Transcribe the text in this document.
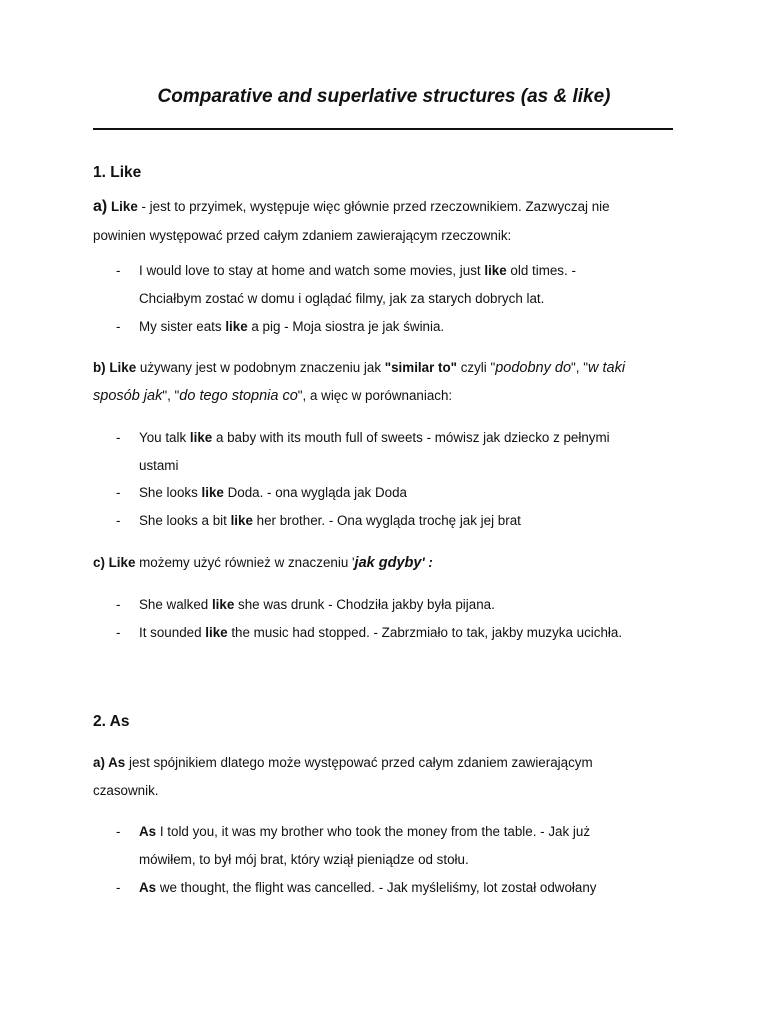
Comparative and superlative structures (as & like)
1. Like

a) Like - jest to przyimek, występuje więc głównie przed rzeczownikiem. Zazwyczaj nie

powinien występować przed całym zdaniem zawierającym rzeczownik:

- I would love to stay at home and watch some movies, just like old times. -

Chciałbym zostać w domu i oglądać filmy, jak za starych dobrych lat.

- My sister eats like a pig - Moja siostra je jak świnia.

b) Like używany jest w podobnym znaczeniu jak "similar to" czyli "podobny do", "w taki

sposób jak", "do tego stopnia co", a więc w porównaniach:

- You talk like a baby with its mouth full of sweets - mówisz jak dziecko z pełnymi

ustami

- She looks like Doda. - ona wygląda jak Doda

- She looks a bit like her brother. - Ona wygląda trochę jak jej brat

c) Like możemy użyć również w znaczeniu 'jak gdyby' :

- She walked like she was drunk - Chodziła jakby była pijana.

- It sounded like the music had stopped. - Zabrzmiało to tak, jakby muzyka ucichła.

2. As

a) As jest spójnikiem dlatego może występować przed całym zdaniem zawierającym

czasownik.

- As I told you, it was my brother who took the money from the table. - Jak już

mówiłem, to był mój brat, który wziął pieniądze od stołu.

- As we thought, the flight was cancelled. - Jak myśleliśmy, lot został odwołany
